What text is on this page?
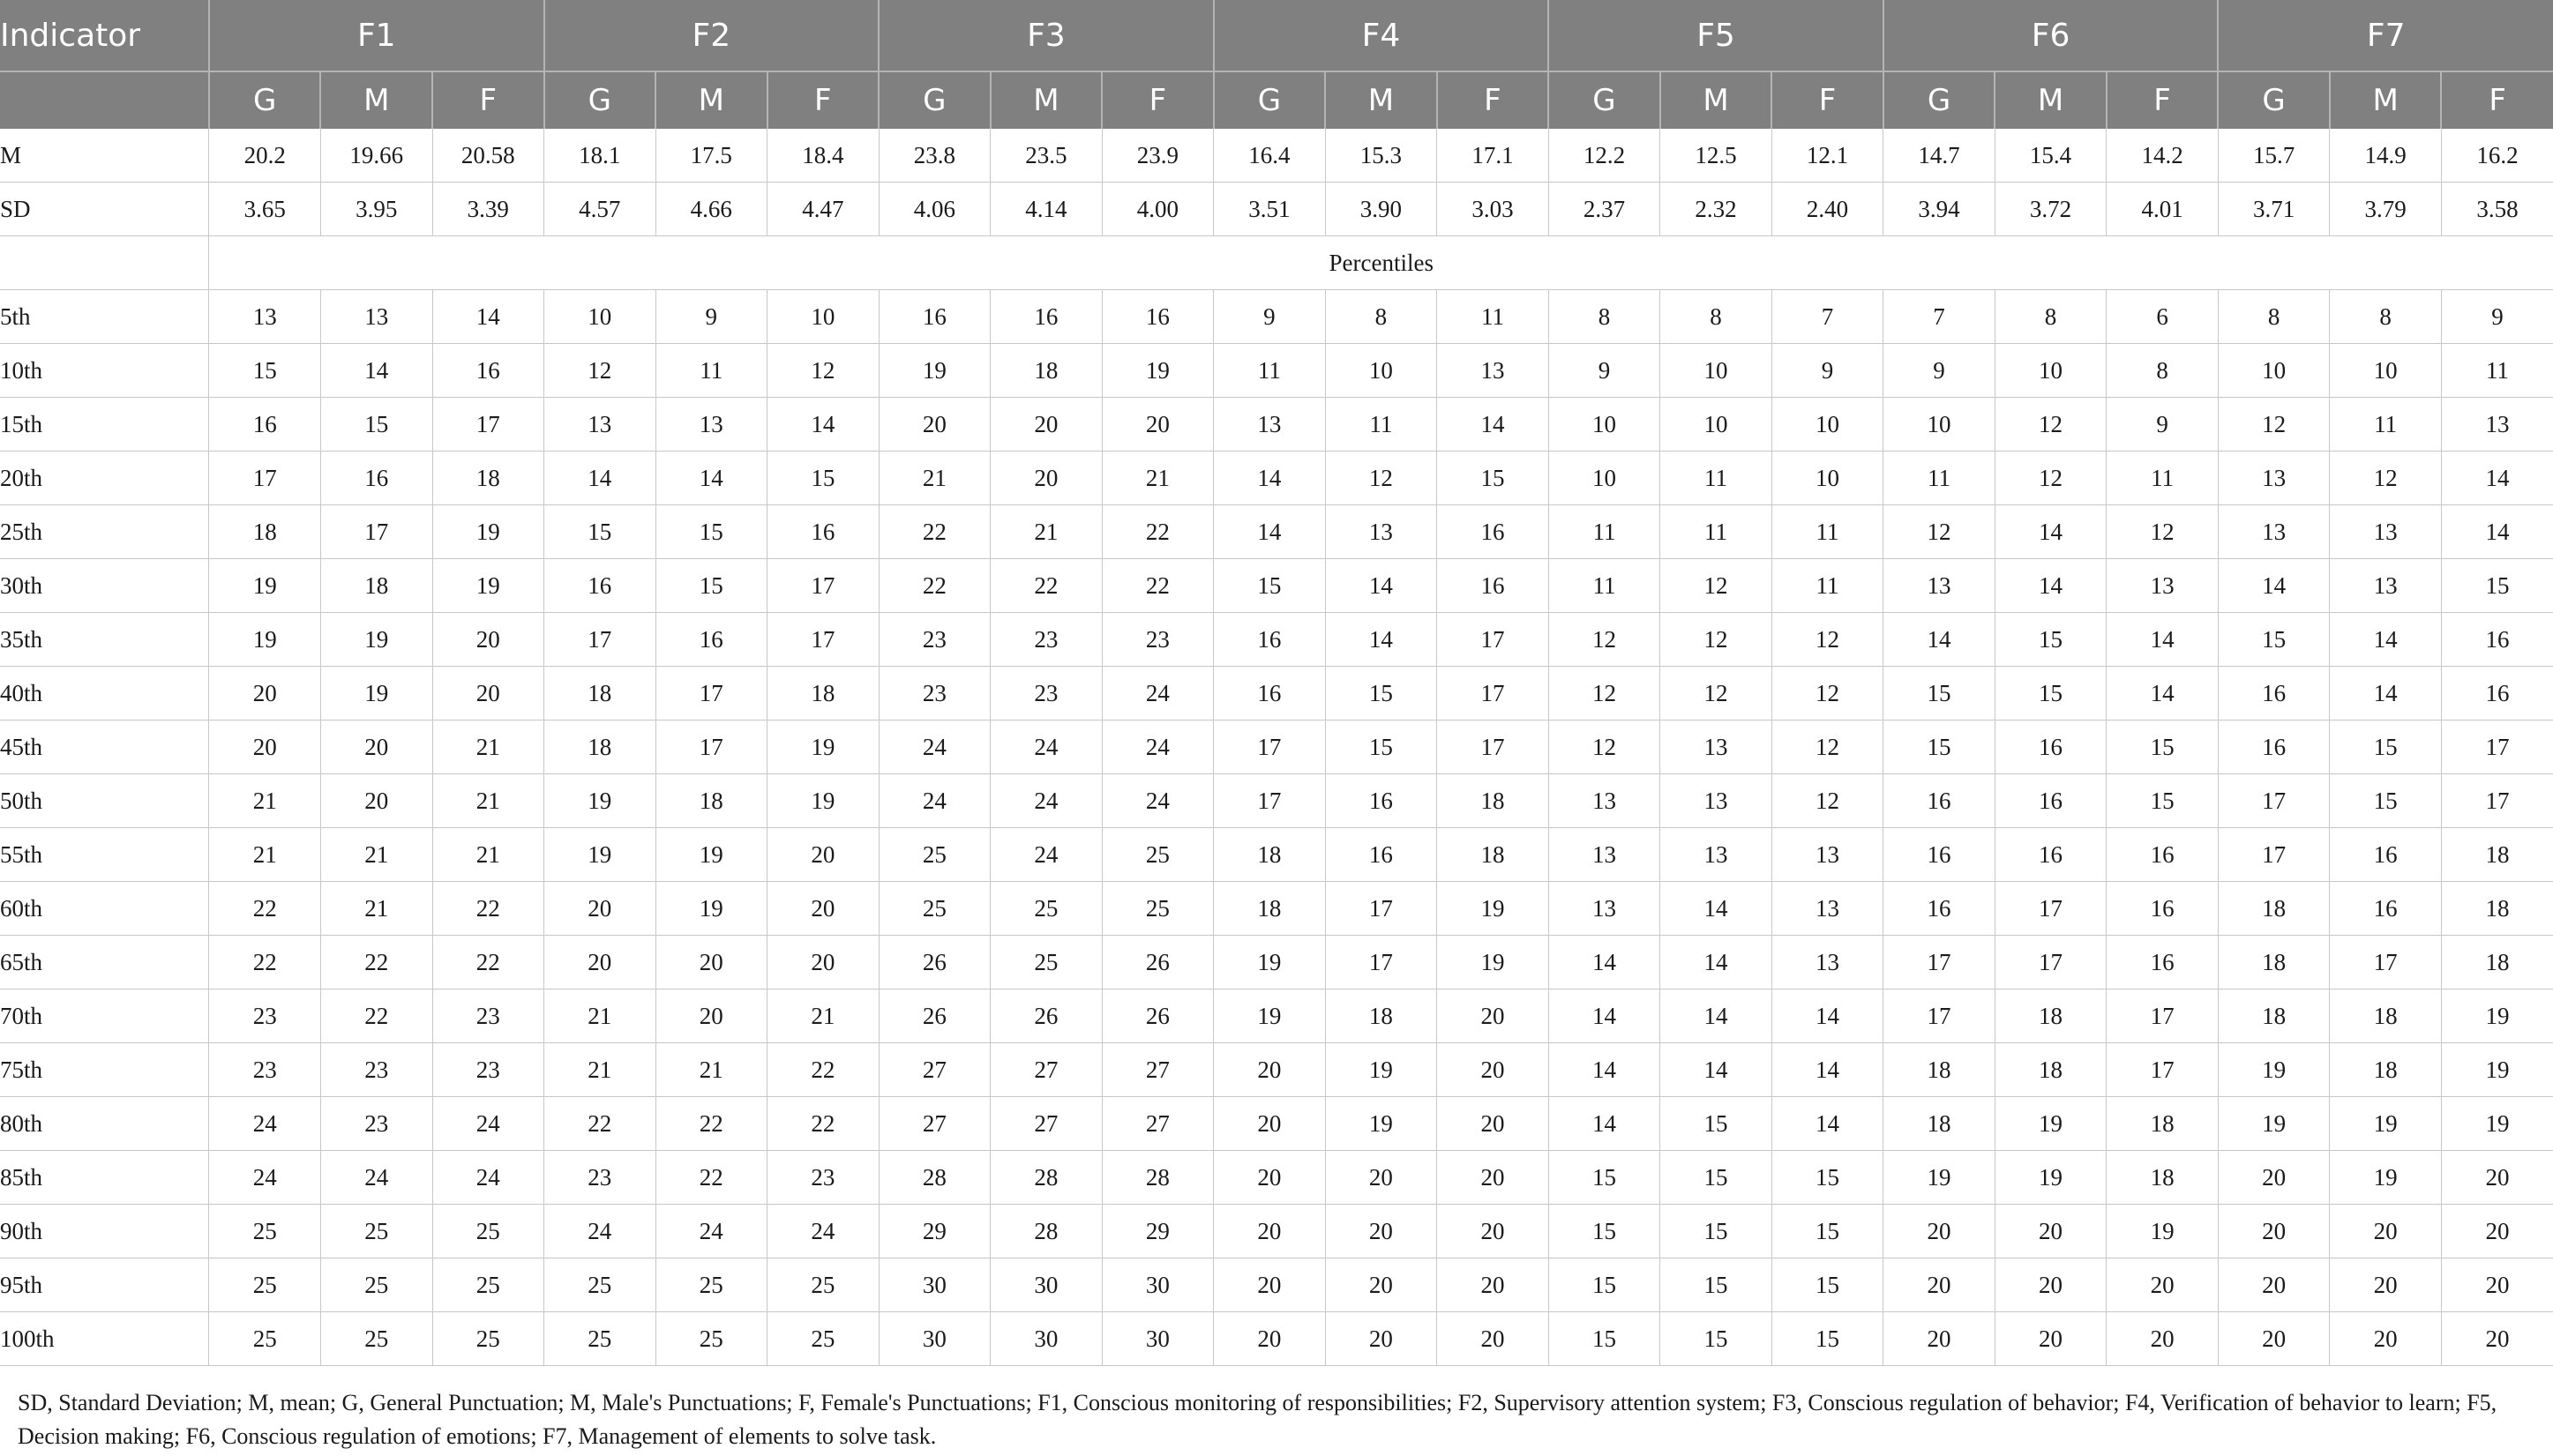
Indicator	F1			F2			F3			F4			F5			F6			F7		
	G	M	F	G	M	F	G	M	F	G	M	F	G	M	F	G	M	F	G	M	F
M	20.2	19.66	20.58	18.1	17.5	18.4	23.8	23.5	23.9	16.4	15.3	17.1	12.2	12.5	12.1	14.7	15.4	14.2	15.7	14.9	16.2
SD	3.65	3.95	3.39	4.57	4.66	4.47	4.06	4.14	4.00	3.51	3.90	3.03	2.37	2.32	2.40	3.94	3.72	4.01	3.71	3.79	3.58
	Percentiles																				
5th	13	13	14	10	9	10	16	16	16	9	8	11	8	8	7	7	8	6	8	8	9
10th	15	14	16	12	11	12	19	18	19	11	10	13	9	10	9	9	10	8	10	10	11
15th	16	15	17	13	13	14	20	20	20	13	11	14	10	10	10	10	12	9	12	11	13
20th	17	16	18	14	14	15	21	20	21	14	12	15	10	11	10	11	12	11	13	12	14
25th	18	17	19	15	15	16	22	21	22	14	13	16	11	11	11	12	14	12	13	13	14
30th	19	18	19	16	15	17	22	22	22	15	14	16	11	12	11	13	14	13	14	13	15
35th	19	19	20	17	16	17	23	23	23	16	14	17	12	12	12	14	15	14	15	14	16
40th	20	19	20	18	17	18	23	23	24	16	15	17	12	12	12	15	15	14	16	14	16
45th	20	20	21	18	17	19	24	24	24	17	15	17	12	13	12	15	16	15	16	15	17
50th	21	20	21	19	18	19	24	24	24	17	16	18	13	13	12	16	16	15	17	15	17
55th	21	21	21	19	19	20	25	24	25	18	16	18	13	13	13	16	16	16	17	16	18
60th	22	21	22	20	19	20	25	25	25	18	17	19	13	14	13	16	17	16	18	16	18
65th	22	22	22	20	20	20	26	25	26	19	17	19	14	14	13	17	17	16	18	17	18
70th	23	22	23	21	20	21	26	26	26	19	18	20	14	14	14	17	18	17	18	18	19
75th	23	23	23	21	21	22	27	27	27	20	19	20	14	14	14	18	18	17	19	18	19
80th	24	23	24	22	22	22	27	27	27	20	19	20	14	15	14	18	19	18	19	19	19
85th	24	24	24	23	22	23	28	28	28	20	20	20	15	15	15	19	19	18	20	19	20
90th	25	25	25	24	24	24	29	28	29	20	20	20	15	15	15	20	20	19	20	20	20
95th	25	25	25	25	25	25	30	30	30	20	20	20	15	15	15	20	20	20	20	20	20
100th	25	25	25	25	25	25	30	30	30	20	20	20	15	15	15	20	20	20	20	20	20

SD, Standard Deviation; M, mean; G, General Punctuation; M, Male's Punctuations; F, Female's Punctuations; F1, Conscious monitoring of responsibilities; F2, Supervisory attention system; F3, Conscious regulation of behavior; F4, Verification of behavior to learn; F5, Decision making; F6, Conscious regulation of emotions; F7, Management of elements to solve task.
